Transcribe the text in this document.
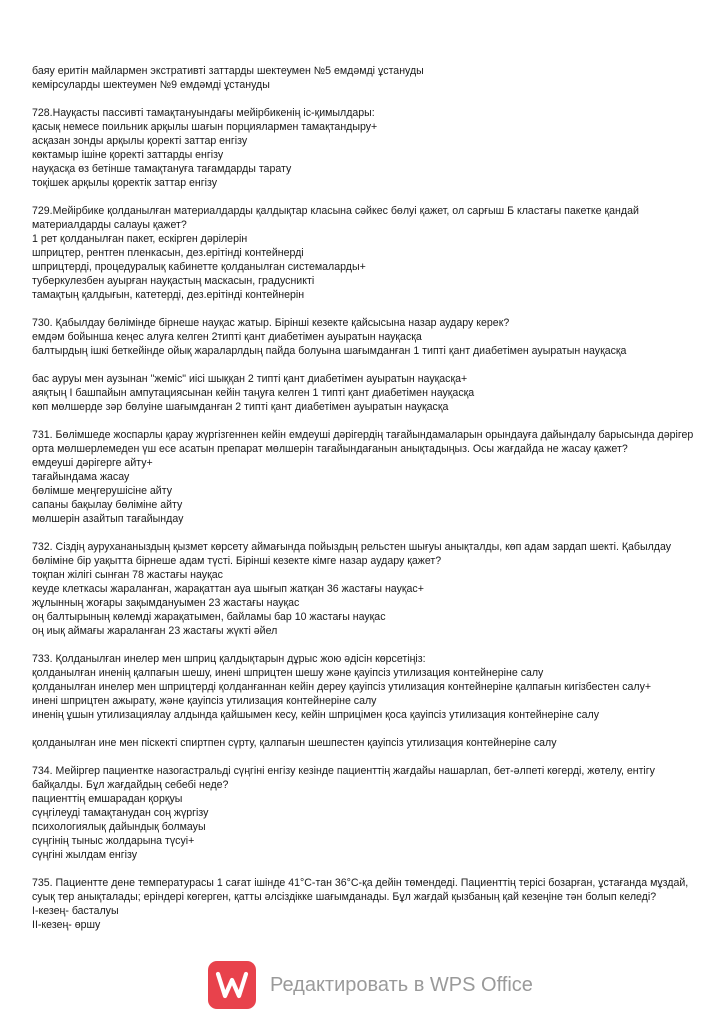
баяу еритін майлармен экстративті заттарды шектеумен №5 емдәмді ұстануды
кемірсуларды шектеумен №9 емдәмді ұстануды
728.Науқасты пассивті тамақтануындағы мейірбикенің іс-қимылдары:
қасық немесе поильник арқылы шағын порциялармен тамақтандыру+
асқазан зонды арқылы қоректі заттар енгізу
көктамыр ішіне қоректі заттарды енгізу
науқасқа өз бетінше тамақтануға тағамдарды тарату
тоқішек арқылы қоректік заттар енгізу
729.Мейірбике қолданылған материалдарды қалдықтар класына сәйкес бөлуі қажет, ол сарғыш Б кластағы пакетке қандай материалдарды салауы қажет?
1 рет қолданылған пакет, ескірген дәрілерін
шприцтер, рентген пленкасын, дез.ерітінді контейнерді
шприцтерді, процедуралық кабинетте қолданылған системаларды+
туберкулезбен ауырған науқастың маскасын, градусникті
тамақтың қалдығын, катетерді, дез.ерітінді контейнерін
730. Қабылдау бөлімінде бірнеше науқас жатыр. Бірінші кезекте қайсысына назар аудару керек?
емдәм бойынша кеңес алуға келген 2типті қант диабетімен ауыратын науқасқа
балтырдың ішкі беткейінде ойық жараларлдың пайда болуына шағымданған 1 типті қант диабетімен ауыратын науқасқа
бас ауруы мен аузынан "жеміс" иісі шыққан 2 типті қант диабетімен ауыратын науқасқа+
аяқтың І башпайын ампутациясынан кейін таңуға келген 1 типті қант диабетімен науқасқа
көп мөлшерде зәр бөлуіне шағымданған 2 типті қант диабетімен ауыратын науқасқа
731. Бөлімшеде жоспарлы қарау жүргізгеннен кейін емдеуші дәрігердің тағайындамаларын орындауға дайындалу барысында дәрігер орта мөлшерлемеден үш есе асатын препарат мөлшерін тағайындағанын анықтадыңыз. Осы жағдайда не жасау қажет?
емдеуші дәрігерге айту+
тағайындама жасау
бөлімше меңгерушісіне айту
сапаны бақылау бөліміне айту
мөлшерін азайтып тағайындау
732. Сіздің аурухананыздың қызмет көрсету аймағында пойыздың рельстен шығуы анықталды, көп адам зардап шекті. Қабылдау бөліміне бір уақытта бірнеше адам түсті. Бірінші кезекте кімге назар аудару қажет?
тоқпан жілігі сынған 78 жастағы науқас
кеуде клеткасы жараланған, жарақаттан ауа шығып жатқан 36 жастағы науқас+
жұлынның жоғары зақымдануымен 23 жастағы науқас
оң балтырының көлемді жарақатымен, байламы бар 10 жастағы науқас
оң иық аймағы жараланған 23 жастағы жүкті әйел
733. Қолданылған инелер мен шприц қалдықтарын дұрыс жою әдісін көрсетіңіз:
қолданылған иненің қалпағын шешу, инені шприцтен шешу және қауіпсіз утилизация контейнеріне салу
қолданылған инелер мен шприцтерді қолданғаннан кейін дереу қауіпсіз утилизация контейнеріне қалпағын кигізбестен салу+
инені шприцтен ажырату, және қауіпсіз утилизация контейнеріне салу
иненің ұшын утилизациялау алдында қайшымен кесу, кейін шприцімен қоса қауіпсіз утилизация контейнеріне салу
қолданылған ине мен піскекті спиртпен сүрту, қалпағын шешпестен қауіпсіз утилизация контейнеріне салу
734. Мейіргер пациентке назогастральді сүңгіні енгізу кезінде пациенттің жағдайы нашарлап, бет-әлпеті көгерді, жөтелу, ентігу байқалды. Бұл жағдайдың себебі неде?
пациенттің емшарадан қорқуы
сүңгілеуді тамақтанудан соң жүргізу
психологиялық дайындық болмауы
сүңгінің тыныс жолдарына түсуі+
сүңгіні жылдам енгізу
735. Пациентте дене температурасы 1 сағат ішінде 41°С-тан 36°С-қа дейін төмендеді. Пациенттің терісі бозарған, ұстағанда мұздай, суық тер анықталады; еріндері көгерген, қатты әлсіздікке шағымданады. Бұл жағдай қызбаның қай кезеңіне тән болып келеді?
I-кезең- басталуы
II-кезең- өршу
Редактировать в WPS Office
